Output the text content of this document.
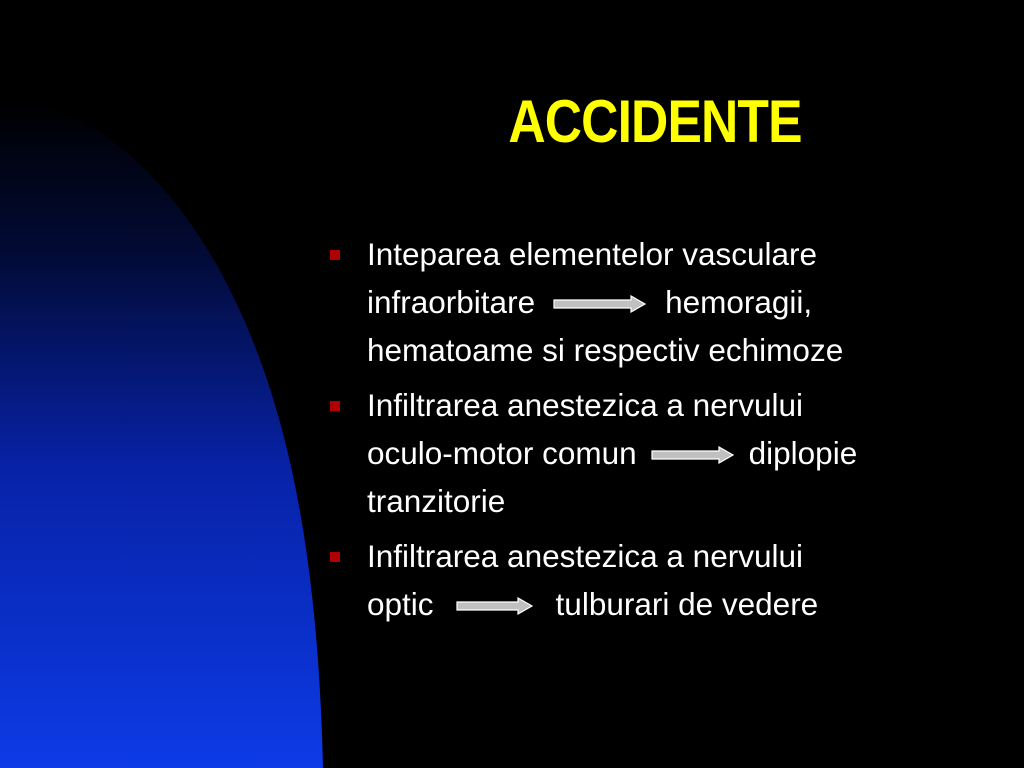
ACCIDENTE
Inteparea elementelor vasculare
infraorbitare	hemoragii,
hematoame si respectiv echimoze
Infiltrarea anestezica a nervului
oculo-motor comun	diplopie
tranzitorie
Infiltrarea anestezica a nervului
optic	tulburari de vedere
